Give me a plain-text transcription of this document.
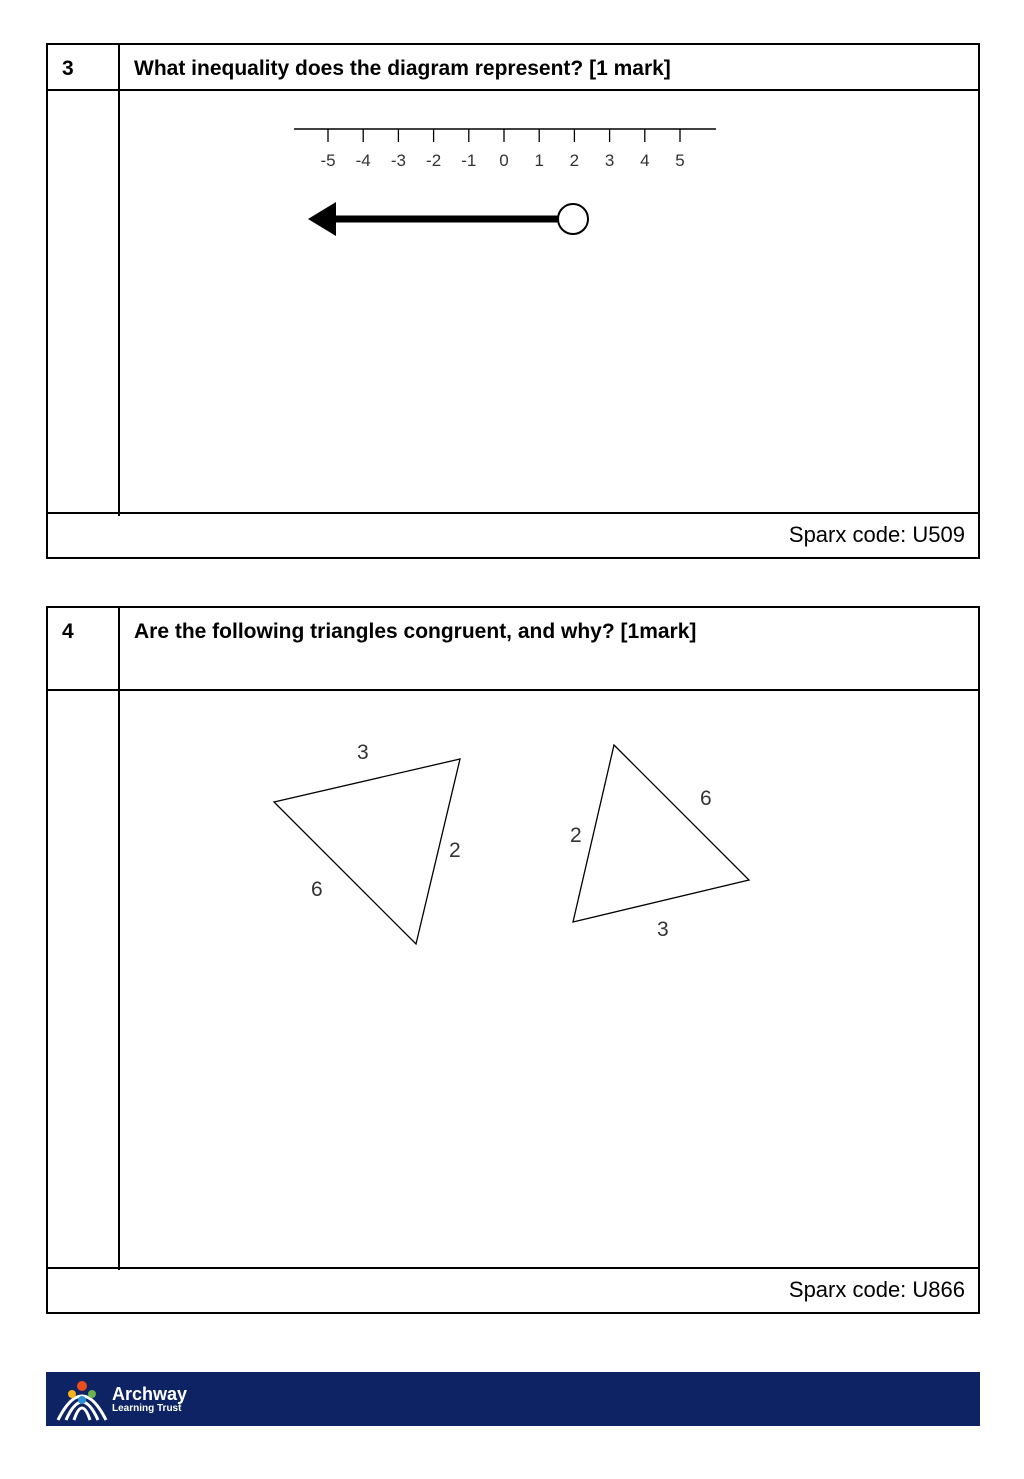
3	What inequality does the diagram represent? [1 mark]
Sparx code: U509
-5 -4 -3 -2 -1 0 1 2 3 4 5
4	Are the following triangles congruent, and why? [1mark]
Sparx code: U866
3
2
6
6
2
3
Archway
Learning Trust
